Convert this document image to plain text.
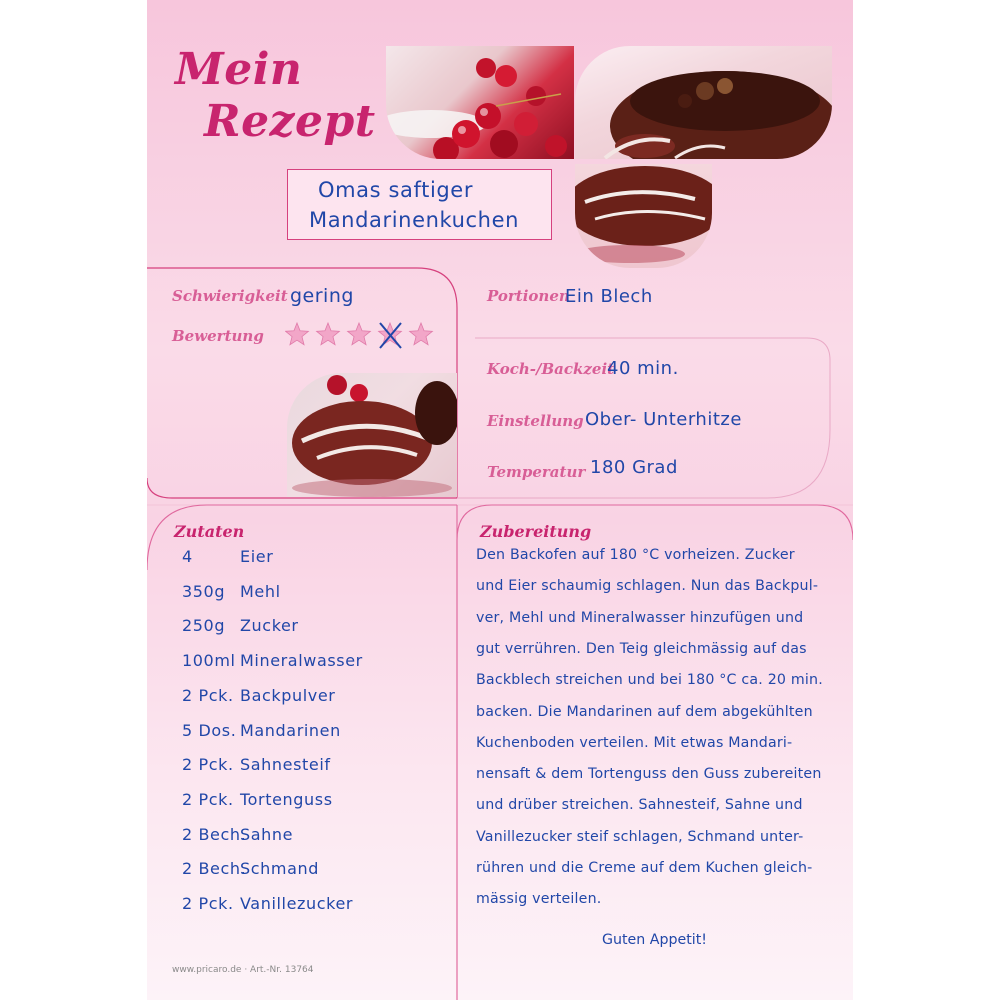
Mein
Rezept
Omas saftiger
Mandarinenkuchen
Schwierigkeit gering
Bewertung
Portionen
Ein Blech
Koch-/Backzeit
40 min.
Einstellung Ober- Unterhitze
Temperatur 180 Grad
Zutaten
4	Eier
350g Mehl
250g Zucker
100ml Mineralwasser
2 Pck. Backpulver
5 Dos. Mandarinen
2 Pck. Sahnesteif
2 Pck. Tortenguss
2 Bech.Sahne
2 Bech.Schmand
2 Pck. Vanillezucker
Zubereitung
Den Backofen auf 180 °C vorheizen. Zucker
und Eier schaumig schlagen. Nun das Backpul-
ver, Mehl und Mineralwasser hinzufügen und
gut verrühren. Den Teig gleichmässig auf das
Backblech streichen und bei 180 °C ca. 20 min.
backen. Die Mandarinen auf dem abgekühlten
Kuchenboden verteilen. Mit etwas Mandari-
nensaft & dem Tortenguss den Guss zubereiten
und drüber streichen. Sahnesteif, Sahne und
Vanillezucker steif schlagen, Schmand unter-
rühren und die Creme auf dem Kuchen gleich-
mässig verteilen.
Guten Appetit!
www.pricaro.de · Art.-Nr. 13764
